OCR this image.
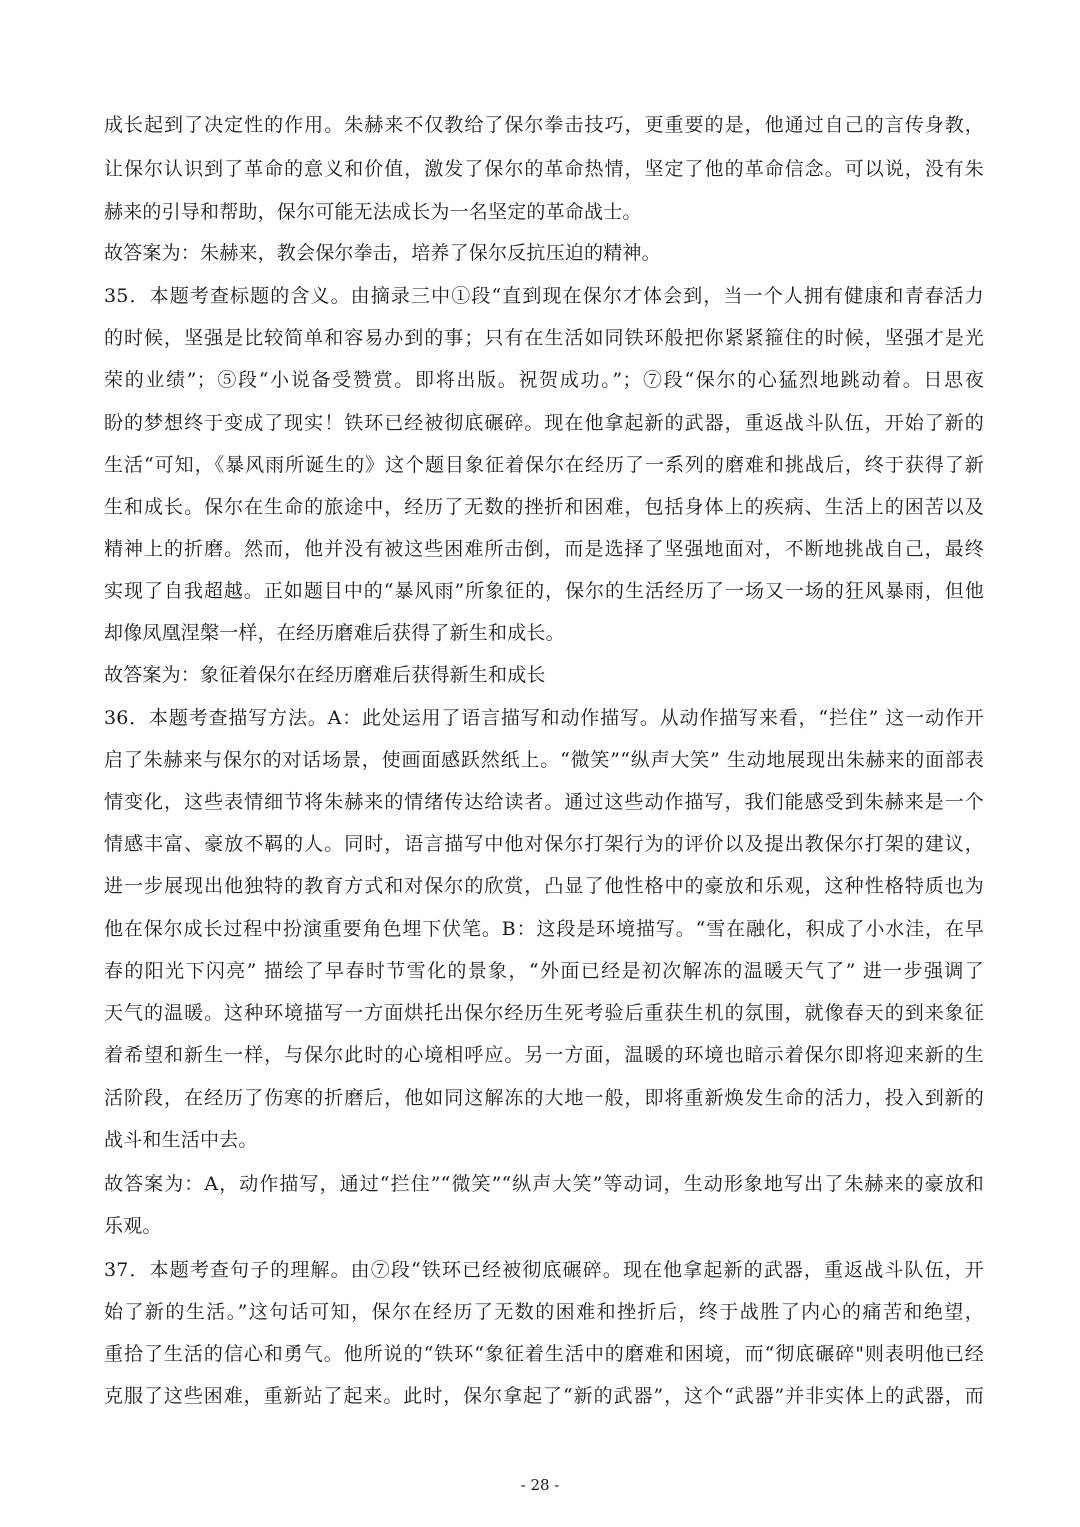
成长起到了决定性的作用。朱赫来不仅教给了保尔拳击技巧，更重要的是，他通过自己的言传身教，
让保尔认识到了革命的意义和价值，激发了保尔的革命热情，坚定了他的革命信念。可以说，没有朱
赫来的引导和帮助，保尔可能无法成长为一名坚定的革命战士。
故答案为：朱赫来，教会保尔拳击，培养了保尔反抗压迫的精神。
35．本题考查标题的含义。由摘录三中①段“直到现在保尔才体会到，当一个人拥有健康和青春活力
的时候，坚强是比较简单和容易办到的事；只有在生活如同铁环般把你紧紧箍住的时候，坚强才是光
荣的业绩”；⑤段“小说备受赞赏。即将出版。祝贺成功。”；⑦段“保尔的心猛烈地跳动着。日思夜
盼的梦想终于变成了现实！铁环已经被彻底碾碎。现在他拿起新的武器，重返战斗队伍，开始了新的
生活“可知，《暴风雨所诞生的》这个题目象征着保尔在经历了一系列的磨难和挑战后，终于获得了新
生和成长。保尔在生命的旅途中，经历了无数的挫折和困难，包括身体上的疾病、生活上的困苦以及
精神上的折磨。然而，他并没有被这些困难所击倒，而是选择了坚强地面对，不断地挑战自己，最终
实现了自我超越。正如题目中的“暴风雨”所象征的，保尔的生活经历了一场又一场的狂风暴雨，但他
却像凤凰涅槃一样，在经历磨难后获得了新生和成长。
故答案为：象征着保尔在经历磨难后获得新生和成长
36．本题考查描写方法。A：此处运用了语言描写和动作描写。从动作描写来看，“拦住” 这一动作开
启了朱赫来与保尔的对话场景，使画面感跃然纸上。“微笑”“纵声大笑” 生动地展现出朱赫来的面部表
情变化，这些表情细节将朱赫来的情绪传达给读者。通过这些动作描写，我们能感受到朱赫来是一个
情感丰富、豪放不羁的人。同时，语言描写中他对保尔打架行为的评价以及提出教保尔打架的建议，
进一步展现出他独特的教育方式和对保尔的欣赏，凸显了他性格中的豪放和乐观，这种性格特质也为
他在保尔成长过程中扮演重要角色埋下伏笔。B：这段是环境描写。“雪在融化，积成了小水洼，在早
春的阳光下闪亮” 描绘了早春时节雪化的景象，“外面已经是初次解冻的温暖天气了” 进一步强调了
天气的温暖。这种环境描写一方面烘托出保尔经历生死考验后重获生机的氛围，就像春天的到来象征
着希望和新生一样，与保尔此时的心境相呼应。另一方面，温暖的环境也暗示着保尔即将迎来新的生
活阶段，在经历了伤寒的折磨后，他如同这解冻的大地一般，即将重新焕发生命的活力，投入到新的
战斗和生活中去。
故答案为：A，动作描写，通过“拦住”“微笑”“纵声大笑”等动词，生动形象地写出了朱赫来的豪放和
乐观。
37．本题考查句子的理解。由⑦段“铁环已经被彻底碾碎。现在他拿起新的武器，重返战斗队伍，开
始了新的生活。”这句话可知，保尔在经历了无数的困难和挫折后，终于战胜了内心的痛苦和绝望，
重拾了生活的信心和勇气。他所说的“铁环“象征着生活中的磨难和困境，而“彻底碾碎"则表明他已经
克服了这些困难，重新站了起来。此时，保尔拿起了“新的武器”，这个“武器”并非实体上的武器，而
- 28 -
